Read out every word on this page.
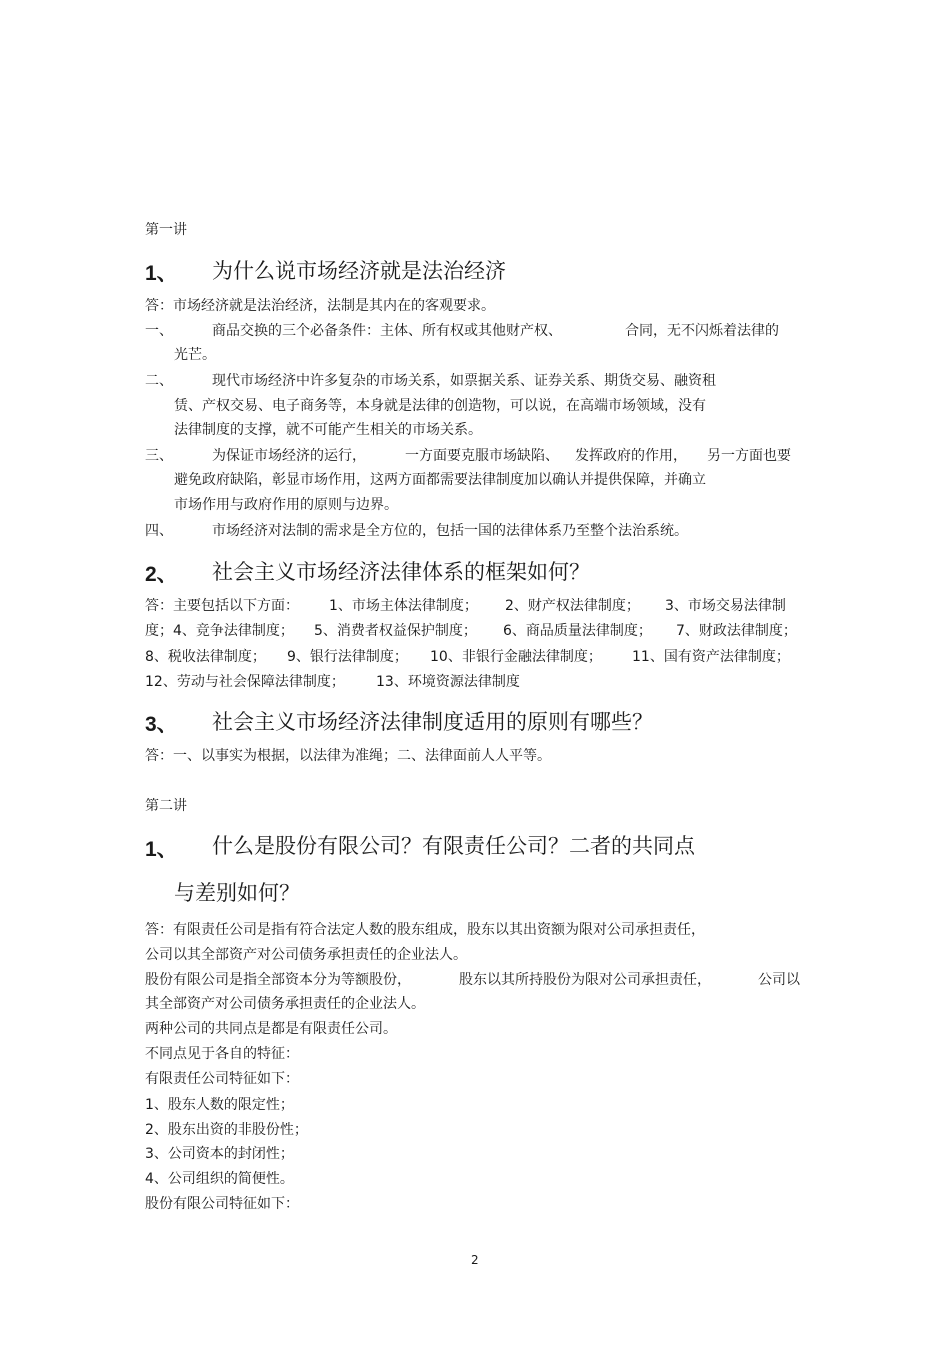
第一讲
1、 为什么说市场经济就是法治经济
答：市场经济就是法治经济，法制是其内在的客观要求。
一、	商品交换的三个必备条件：主体、所有权或其他财产权、	合同，无不闪烁着法律的
光芒。
二、	现代市场经济中许多复杂的市场关系，如票据关系、证券关系、期货交易、融资租
赁、产权交易、电子商务等，本身就是法律的创造物，可以说，在高端市场领域，没有
法律制度的支撑，就不可能产生相关的市场关系。
三、	为保证市场经济的运行，	一方面要克服市场缺陷、 发挥政府的作用， 另一方面也要
避免政府缺陷，彰显市场作用，这两方面都需要法律制度加以确认并提供保障，并确立
市场作用与政府作用的原则与边界。
四、	市场经济对法制的需求是全方位的，包括一国的法律体系乃至整个法治系统。
2、 社会主义市场经济法律体系的框架如何？
答：主要包括以下方面： 1、市场主体法律制度； 2、财产权法律制度； 3、市场交易法律制
度；4、竞争法律制度； 5、消费者权益保护制度； 6、商品质量法律制度； 7、财政法律制度；
8、税收法律制度； 9、银行法律制度； 10、非银行金融法律制度； 11、国有资产法律制度；
12、劳动与社会保障法律制度； 13、环境资源法律制度
3、 社会主义市场经济法律制度适用的原则有哪些？
答：一、以事实为根据，以法律为准绳；二、法律面前人人平等。
第二讲
1、 什么是股份有限公司？有限责任公司？二者的共同点
与差别如何？
答：有限责任公司是指有符合法定人数的股东组成，股东以其出资额为限对公司承担责任，
公司以其全部资产对公司债务承担责任的企业法人。
股份有限公司是指全部资本分为等额股份，	股东以其所持股份为限对公司承担责任，	公司以
其全部资产对公司债务承担责任的企业法人。
两种公司的共同点是都是有限责任公司。
不同点见于各自的特征：
有限责任公司特征如下：
1、股东人数的限定性；
2、股东出资的非股份性；
3、公司资本的封闭性；
4、公司组织的简便性。
股份有限公司特征如下：
2
